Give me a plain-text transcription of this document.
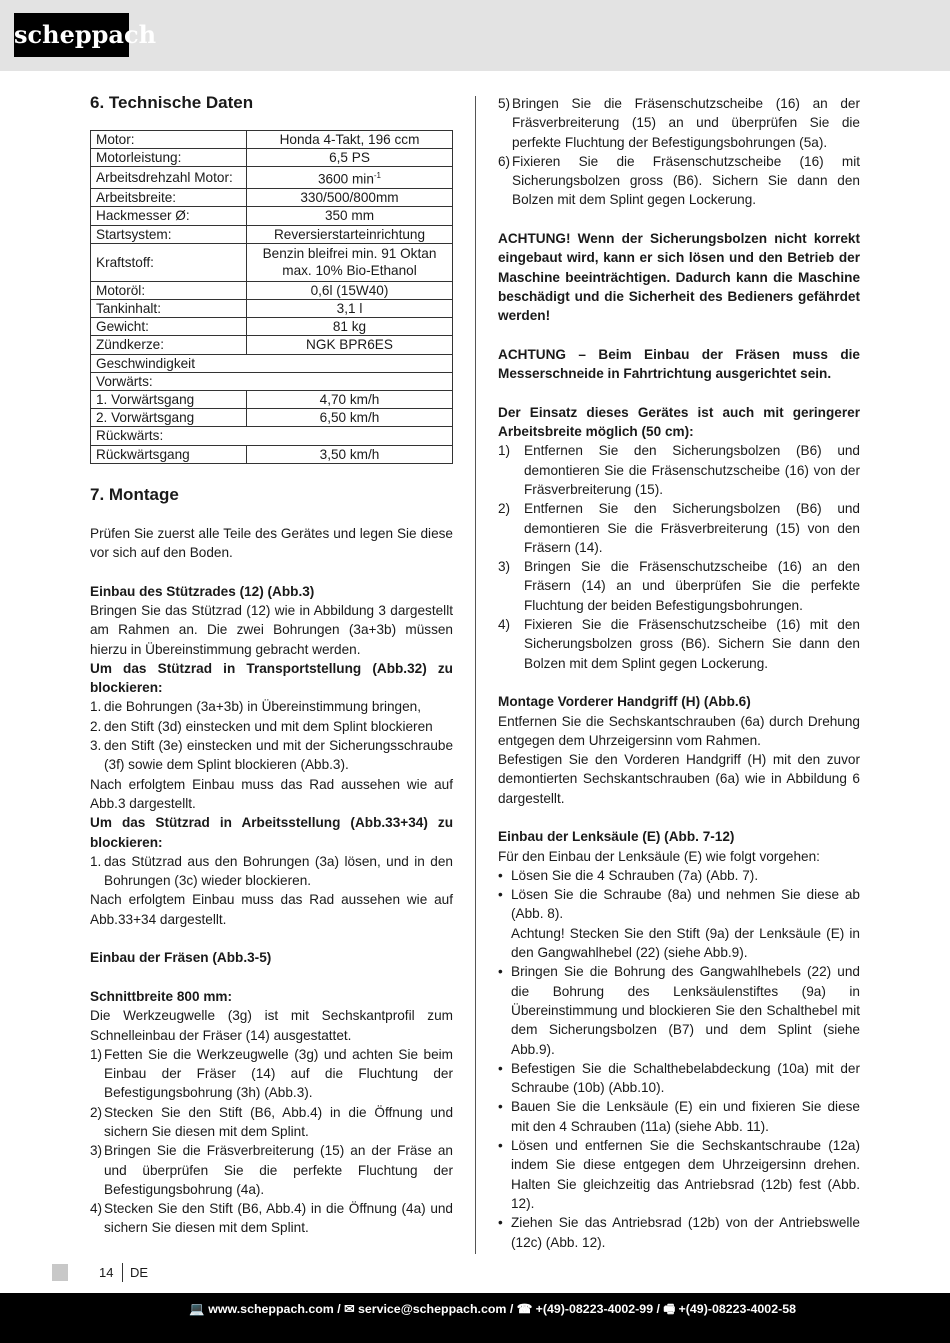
scheppach
6. Technische Daten
Motor:	Honda 4-Takt, 196 ccm
Motorleistung:	6,5 PS
Arbeitsdrehzahl Motor:	3600 $\min^{-1}$
Arbeitsbreite:	330/500/800mm
Hackmesser Ø:	350 mm
Startsystem:	Reversierstarteinrichtung
Kraftstoff:	Benzin bleifrei min. 91 Oktan
max. 10% Bio-Ethanol
Motoröl:	0,6l (15W40)
Tankinhalt:	3,1 l
Gewicht:	81 kg
Zündkerze:	NGK BPR6ES
Geschwindigkeit	
Vorwärts:	
1. Vorwärtsgang	4,70 km/h
2. Vorwärtsgang	6,50 km/h
Rückwärts:	
Rückwärtsgang	3,50 km/h
7. Montage

Prüfen Sie zuerst alle Teile des Gerätes und legen Sie diese vor sich auf den Boden.

Einbau des Stützrades (12) (Abb.3)

Bringen Sie das Stützrad (12) wie in Abbildung 3 dargestellt am Rahmen an. Die zwei Bohrungen (3a+3b) müssen hierzu in Übereinstimmung gebracht werden.

Um das Stützrad in Transportstellung (Abb.32) zu blockieren:

1. die Bohrungen (3a+3b) in Übereinstimmung bringen,
2. den Stift (3d) einstecken und mit dem Splint blockieren
3. den Stift (3e) einstecken und mit der Sicherungsschraube (3f) sowie dem Splint blockieren (Abb.3).

Nach erfolgtem Einbau muss das Rad aussehen wie auf Abb.3 dargestellt.

Um das Stützrad in Arbeitsstellung (Abb.33+34) zu blockieren:

1. das Stützrad aus den Bohrungen (3a) lösen, und in den Bohrungen (3c) wieder blockieren.

Nach erfolgtem Einbau muss das Rad aussehen wie auf Abb.33+34 dargestellt.

Einbau der Fräsen (Abb.3-5)

Schnittbreite 800 mm:

Die Werkzeugwelle (3g) ist mit Sechskantprofil zum Schnelleinbau der Fräser (14) ausgestattet.

1) Fetten Sie die Werkzeugwelle (3g) und achten Sie beim Einbau der Fräser (14) auf die Fluchtung der Befestigungsbohrung (3h) (Abb.3).
2) Stecken Sie den Stift (B6, Abb.4) in die Öffnung und sichern Sie diesen mit dem Splint.
3) Bringen Sie die Fräsverbreiterung (15) an der Fräse an und überprüfen Sie die perfekte Fluchtung der Befestigungsbohrung (4a).
4) Stecken Sie den Stift (B6, Abb.4) in die Öffnung (4a) und sichern Sie diesen mit dem Splint.
5) Bringen Sie die Fräsenschutzscheibe (16) an der Fräsverbreiterung (15) an und überprüfen Sie die perfekte Fluchtung der Befestigungsbohrungen (5a).
6) Fixieren Sie die Fräsenschutzscheibe (16) mit Sicherungsbolzen gross (B6). Sichern Sie dann den Bolzen mit dem Splint gegen Lockerung.

ACHTUNG! Wenn der Sicherungsbolzen nicht korrekt eingebaut wird, kann er sich lösen und den Betrieb der Maschine beeinträchtigen. Dadurch kann die Maschine beschädigt und die Sicherheit des Bedieners gefährdet werden!

ACHTUNG – Beim Einbau der Fräsen muss die Messerschneide in Fahrtrichtung ausgerichtet sein.

Der Einsatz dieses Gerätes ist auch mit geringerer Arbeitsbreite möglich (50 cm):

1) Entfernen Sie den Sicherungsbolzen (B6) und demontieren Sie die Fräsenschutzscheibe (16) von der Fräsverbreiterung (15).
2) Entfernen Sie den Sicherungsbolzen (B6) und demontieren Sie die Fräsverbreiterung (15) von den Fräsern (14).
3) Bringen Sie die Fräsenschutzscheibe (16) an den Fräsern (14) an und überprüfen Sie die perfekte Fluchtung der beiden Befestigungsbohrungen.
4) Fixieren Sie die Fräsenschutzscheibe (16) mit den Sicherungsbolzen gross (B6). Sichern Sie dann den Bolzen mit dem Splint gegen Lockerung.

Montage Vorderer Handgriff (H) (Abb.6)

Entfernen Sie die Sechskantschrauben (6a) durch Drehung entgegen dem Uhrzeigersinn vom Rahmen.

Befestigen Sie den Vorderen Handgriff (H) mit den zuvor demontierten Sechskantschrauben (6a) wie in Abbildung 6 dargestellt.

Einbau der Lenksäule (E) (Abb. 7-12)

Für den Einbau der Lenksäule (E) wie folgt vorgehen:

• Lösen Sie die 4 Schrauben (7a) (Abb. 7).
• Lösen Sie die Schraube (8a) und nehmen Sie diese ab (Abb. 8).
Achtung! Stecken Sie den Stift (9a) der Lenksäule (E) in den Gangwahlhebel (22) (siehe Abb.9).
• Bringen Sie die Bohrung des Gangwahlhebels (22) und die Bohrung des Lenksäulenstiftes (9a) in Übereinstimmung und blockieren Sie den Schalthebel mit dem Sicherungsbolzen (B7) und dem Splint (siehe Abb.9).
• Befestigen Sie die Schalthebelabdeckung (10a) mit der Schraube (10b) (Abb.10).
• Bauen Sie die Lenksäule (E) ein und fixieren Sie diese mit den 4 Schrauben (11a) (siehe Abb. 11).
• Lösen und entfernen Sie die Sechskantschraube (12a) indem Sie diese entgegen dem Uhrzeigersinn drehen. Halten Sie gleichzeitig das Antriebsrad (12b) fest (Abb. 12).
• Ziehen Sie das Antriebsrad (12b) von der Antriebswelle (12c) (Abb. 12).
14 DE
💻 www.scheppach.com / ✉ service@scheppach.com / ☎ +(49)-08223-4002-99 / 🖷 +(49)-08223-4002-58
